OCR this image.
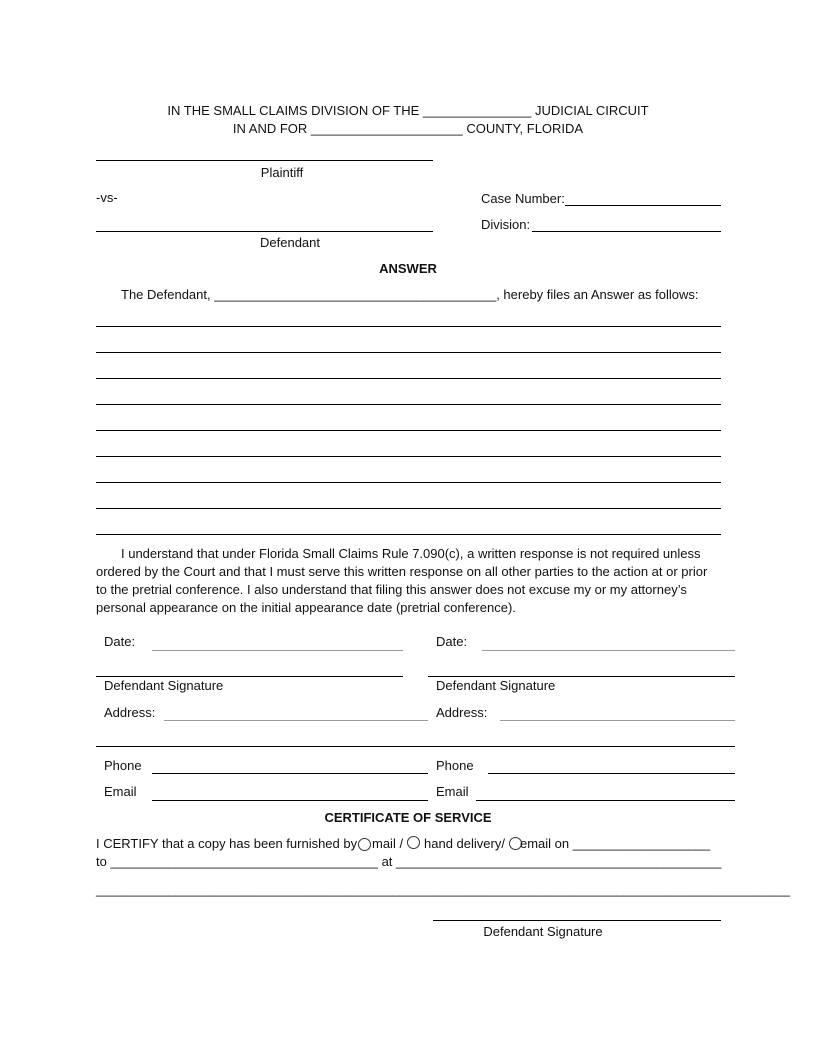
IN THE SMALL CLAIMS DIVISION OF THE _______________ JUDICIAL CIRCUIT
IN AND FOR _____________________ COUNTY, FLORIDA
Plaintiff
-vs-	Case Number:
Division:
Defendant
ANSWER
The Defendant, _______________________________________, hereby files an Answer as follows:
I understand that under Florida Small Claims Rule 7.090(c), a written response is not required unless ordered by the Court and that I must serve this written response on all other parties to the action at or prior to the pretrial conference. I also understand that filing this answer does not excuse my or my attorney’s personal appearance on the initial appearance date (pretrial conference).
Date:
Defendant Signature
Address:
Date:
Defendant Signature
Address:
Phone
Email
Phone
Email
CERTIFICATE OF SERVICE
I CERTIFY that a copy has been furnished by mail / hand delivery/ email on ___________________
to _____________________________________ at _____________________________________________
________________________________________________________________________________________________
Defendant Signature
